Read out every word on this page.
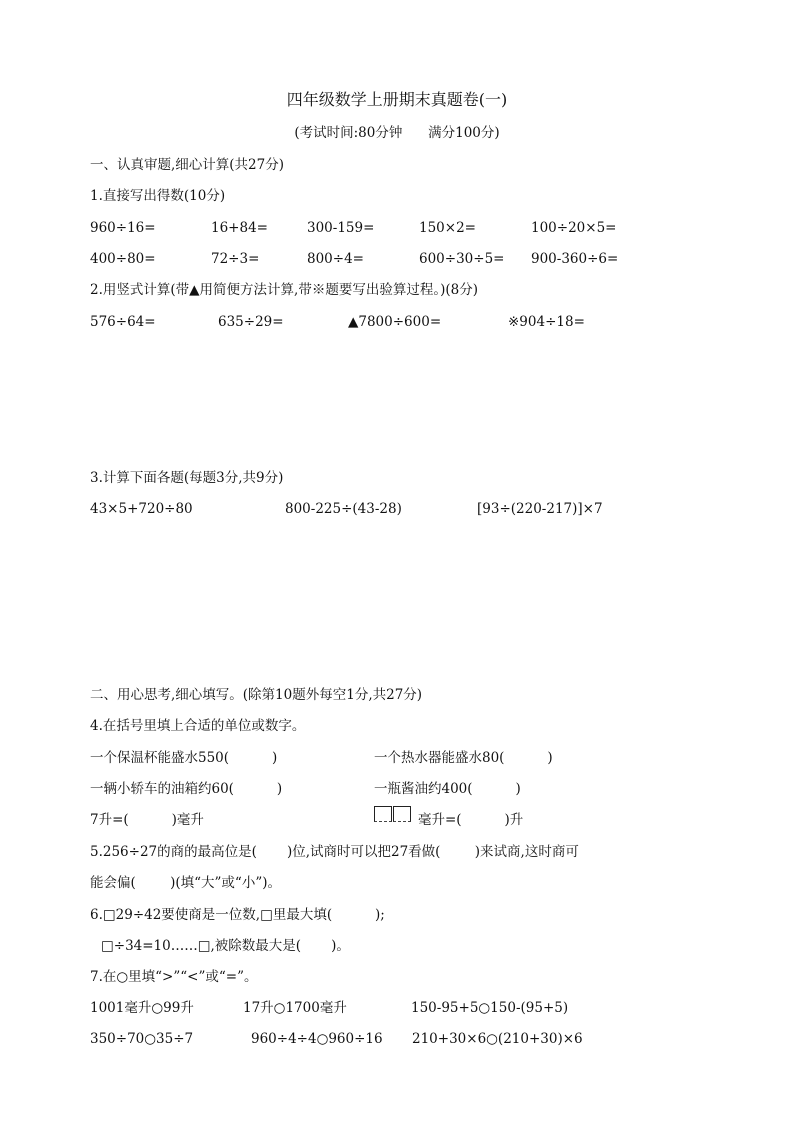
四年级数学上册期末真题卷(一)
(考试时间:80分钟      满分100分)
一、认真审题,细心计算(共27分)
1.直接写出得数(10分)
960÷16=	16+84=	300-159=	150×2=	100÷20×5=
400÷80=	72÷3=	800÷4=	600÷30÷5= 900-360÷6=
2.用竖式计算(带▲用简便方法计算,带※题要写出验算过程。)(8分)
576÷64=	635÷29=	▲7800÷600=	※904÷18=
3.计算下面各题(每题3分,共9分)
43×5+720÷80	800-225÷(43-28)	[93÷(220-217)]×7
二、用心思考,细心填写。(除第10题外每空1分,共27分)
4.在括号里填上合适的单位或数字。
一个保温杯能盛水550(          )	一个热水器能盛水80(          )
一辆小轿车的油箱约60(          )	一瓶酱油约400(          )
7升=(          )毫升	毫升=(          )升
5.256÷27的商的最高位是(       )位,试商时可以把27看做(        )来试商,这时商可
能会偏(        )(填“大”或“小”)。
6.□29÷42要使商是一位数,□里最大填(          );
□÷34=10……□,被除数最大是(       )。
7.在○里填“>”“<”或“=”。
1001毫升○99升	17升○1700毫升	150-95+5○150-(95+5)
350÷70○35÷7	960÷4÷4○960÷16 210+30×6○(210+30)×6
